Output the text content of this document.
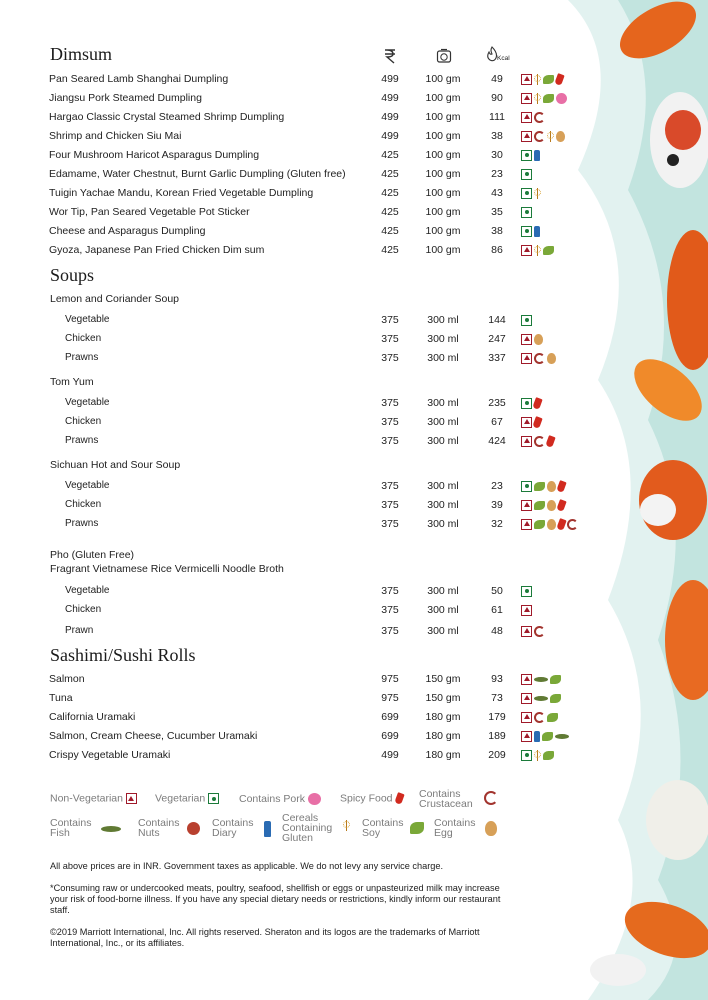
Kcal
Dimsum
Soups
Sashimi/Sushi Rolls
Lemon and Coriander Soup
Tom Yum
Sichuan Hot and Sour Soup
Pho (Gluten Free)
Fragrant Vietnamese Rice Vermicelli Noodle Broth
Pan Seared Lamb Shanghai Dumpling	499	100 gm	49
Jiangsu Pork Steamed Dumpling	499	100 gm	90
Hargao Classic Crystal Steamed Shrimp Dumpling	499	100 gm	111
Shrimp and Chicken Siu Mai	499	100 gm	38
Four Mushroom Haricot Asparagus Dumpling	425	100 gm	30
Edamame, Water Chestnut, Burnt Garlic Dumpling (Gluten free)	425	100 gm	23
Tuigin Yachae Mandu, Korean Fried Vegetable Dumpling	425	100 gm	43
Wor Tip, Pan Seared Vegetable Pot Sticker	425	100 gm	35
Cheese and Asparagus Dumpling	425	100 gm	38
Gyoza, Japanese Pan Fried Chicken Dim sum	425	100 gm	86
Vegetable	375	300 ml	144
Chicken	375	300 ml	247
Prawns	375	300 ml	337
Vegetable	375	300 ml	235
Chicken	375	300 ml	67
Prawns	375	300 ml	424
Vegetable	375	300 ml	23
Chicken	375	300 ml	39
Prawns	375	300 ml	32
Vegetable	375	300 ml	50
Chicken	375	300 ml	61
Prawn	375	300 ml	48
Salmon	975	150 gm	93
Tuna	975	150 gm	73
California Uramaki	699	180 gm	179
Salmon, Cream Cheese, Cucumber Uramaki	699	180 gm	189
Crispy Vegetable Uramaki	499	180 gm	209
Non-Vegetarian	Vegetarian	Contains Pork	Spicy Food	Contains
Crustacean
Contains
Fish
Contains
Nuts
Contains
Diary
Cereals
Containing
Gluten
Contains
Soy
Contains
Egg
All above prices are in INR. Government taxes as applicable. We do not levy any service charge.
*Consuming raw or undercooked meats, poultry, seafood, shellfish or eggs or unpasteurized milk may increase your risk of food-borne illness. If you have any special dietary needs or restrictions, kindly inform our restaurant staff.
©2019 Marriott International, Inc. All rights reserved. Sheraton and its logos are the trademarks of Marriott International, Inc., or its affiliates.
